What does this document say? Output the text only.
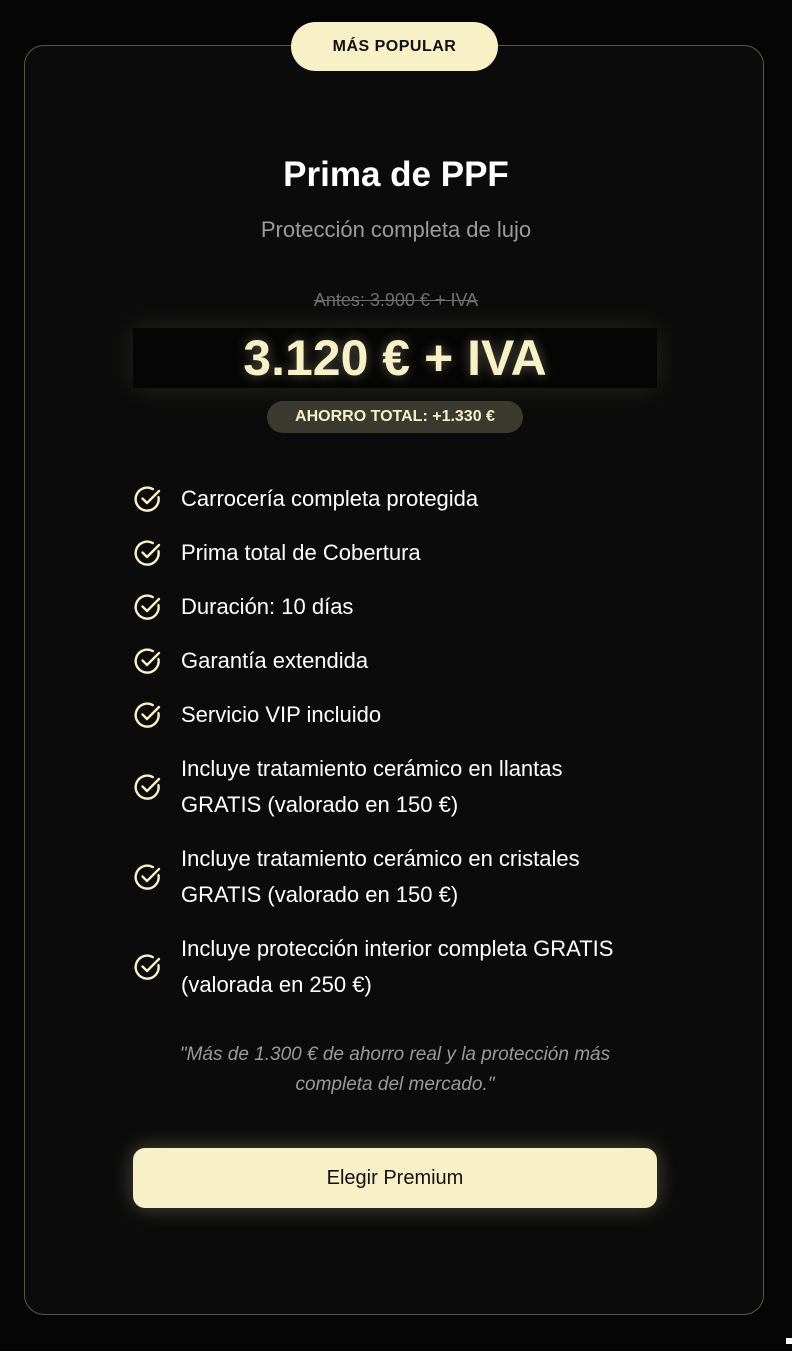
MÁS POPULAR
Prima de PPF
Protección completa de lujo
Antes: 3.900 € + IVA
3.120 € + IVA
AHORRO TOTAL: +1.330 €
Carrocería completa protegida
Prima total de Cobertura
Duración: 10 días
Garantía extendida
Servicio VIP incluido
Incluye tratamiento cerámico en llantas
GRATIS (valorado en 150 €)
Incluye tratamiento cerámico en cristales
GRATIS (valorado en 150 €)
Incluye protección interior completa GRATIS
(valorada en 250 €)
"Más de 1.300 € de ahorro real y la protección más
completa del mercado."
Elegir Premium
